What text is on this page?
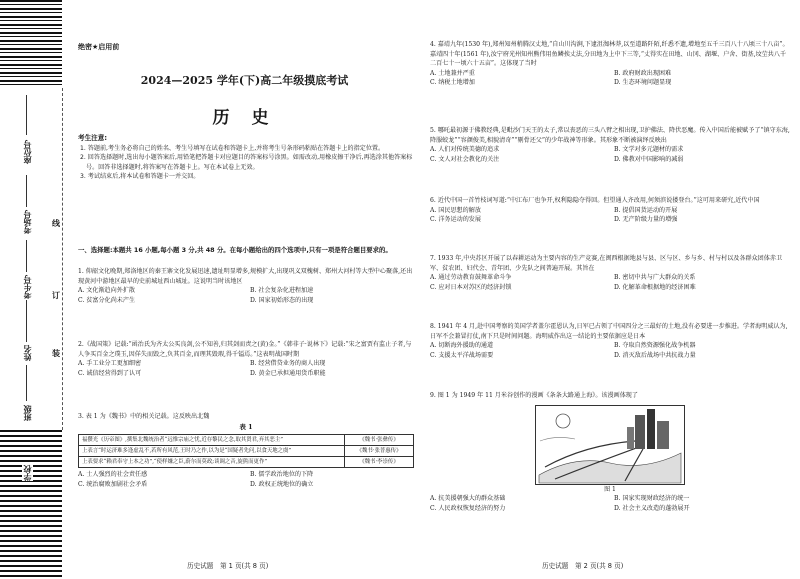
座位号
考场号
考生号
姓名
班级
学校
线
订
装
绝密★启用前
2024—2025 学年(下)高二年级摸底考试
历 史
考生注意:
1. 答题前,考生务必将自己的姓名、考生号填写在试卷和答题卡上,并将考生号条形码粘贴在答题卡上的指定位置。
2. 回答选择题时,选出每小题答案后,用铅笔把答题卡对应题目的答案标号涂黑。如需改动,用橡皮擦干净后,再选涂其他答案标号。回答非选择题时,将答案写在答题卡上。写在本试卷上无效。
3. 考试结束后,将本试卷和答题卡一并交回。
一、选择题:本题共 16 小题,每小题 3 分,共 48 分。在每小题给出的四个选项中,只有一项是符合题目要求的。
1. 仰韶文化晚期,郑洛地区的秦王寨文化发展迅速,遗址明显增多,规模扩大,出现巩义双槐树、郑州大河村等大型中心聚落,还出现黄河中游地区最早的史前城址西山城址。这说明当时该地区
A. 文化渐趋向外扩散	B. 社会复杂化进程加速
C. 贫富分化尚未产生	D. 国家初始形态的出现
2.《战国策》记载:“函治氏为齐太公买良剑,公不知善,归其剑而责之(黄)金。”《韩非子·说林下》记载:“宋之富贾有监止子者,与人争买百金之璞玉,因佯失而毁之,负其百金,而理其毁瑕,得千镒焉。”这表明战国时期
A. 手工业分工更加细密	B. 经营借贷业务的商人出现
C. 诚信经营得到了认可	D. 黄金已承担通用货币职能
3. 表 1 为《魏书》中的相关记载。这反映出北魏
表 1
福攒光《历帝图》,撰集北魏统治者“远惟宗庙之忧,近存黎民之念,取其贤君,弃其恶主”	《魏书·张彝传》
上表言“时运济难多逢虚乱不,若所有风范,王时乃之作,以为是“国疑者先问,以食天地之虞”	《魏书·张普惠传》
上表要求“赖君奉守上本之功”,“使样嫌之臣,蔚尔而莫政;谈调之音,旋熊而更作”	《魏书·李崇传》
A. 士人强烈的社会责任感	B. 儒学政治地位的下降
C. 统治腐败加剧社会矛盾	D. 政权正统地位的确立
历史试题　第 1 页(共 8 页)
4. 嘉靖九年(1530 年),郑州知州稍腾汉丈地,“自山川沟涧,下逮沮洳林莽,以至道路阡陌,纤悉不遗,增地至五千三百八十八顷三十八亩”。嘉靖四十年(1561 年),汝宁府光州知州熊伟用鱼鳞挨丈法,分田地为上中下三等,“丈得实在田地、山冈、湖堰、户舍、街基,坟茔共八千二百七十一顷六十五亩”。这体现了当时
A. 土地兼并严重	B. 政府财政出现困难
C. 纳税土地增加	D. 生态环境问题显现
5. 哪吒最初源于佛教经典,是毗沙门天王的太子,常以丧恶的三头八臂之相出现,卫护佛法、降伏恶魔。传入中国后能被赋予了“镇守东海,降服蛟龙”“容颜俊美,相貌清奇”“剔骨还父”的少年战神等形象。其形象不断被演绎反映出
A. 人们对传统美德的追求	B. 文学对多元题材的需求
C. 文人对社会教化的关注	D. 佛教对中国影响的减弱
6. 近代中国一首竹枝词写道:“中江布厂也争开,权利隐隐夺得回。但望通人齐改用,何须滨说搂登台。”这可用来研究,近代中国
A. 国民思想的解放	B. 提倡国货运动的开展
C. 洋务运动的发展	D. 无产阶级力量的增强
7. 1933 年,中央苏区开展了以春耕运动为主要内容的生产竞赛,在闽西根据地县与县、区与区、乡与乡、村与村以及各群众团体赤卫军、贫农团、妇代会、青年团、少先队之间普遍开展。其旨在
A. 通过劳动教育鼓舞革命斗争	B. 密切中共与广大群众的关系
C. 应对日本对苏区的经济封锁	D. 化解革命根据地的经济困难
8. 1941 年 4 月,赴中国考察的美国学者盖尔霍恩认为,日军已占领了中国四分之三最好的土地,没有必要进一步推进。学者海明威认为,日军不会兼冒打仗,南下只是时间问题。海明威作出这一结论的主要依据应是日本
A. 切断海外援助的通道	B. 夺取自然资源强化战争机器
C. 支援太平洋战场需要	D. 消灭敌后战场中共抗战力量
9. 图 1 为 1949 年 11 月米谷创作的漫画《条条大路通上海》。该漫画体现了
图 1
A. 抗美援朝强大的群众基础	B. 国家实现财政经济的统一
C. 人民政权恢复经济的努力	D. 社会主义改造的蓬勃展开
历史试题　第 2 页(共 8 页)
